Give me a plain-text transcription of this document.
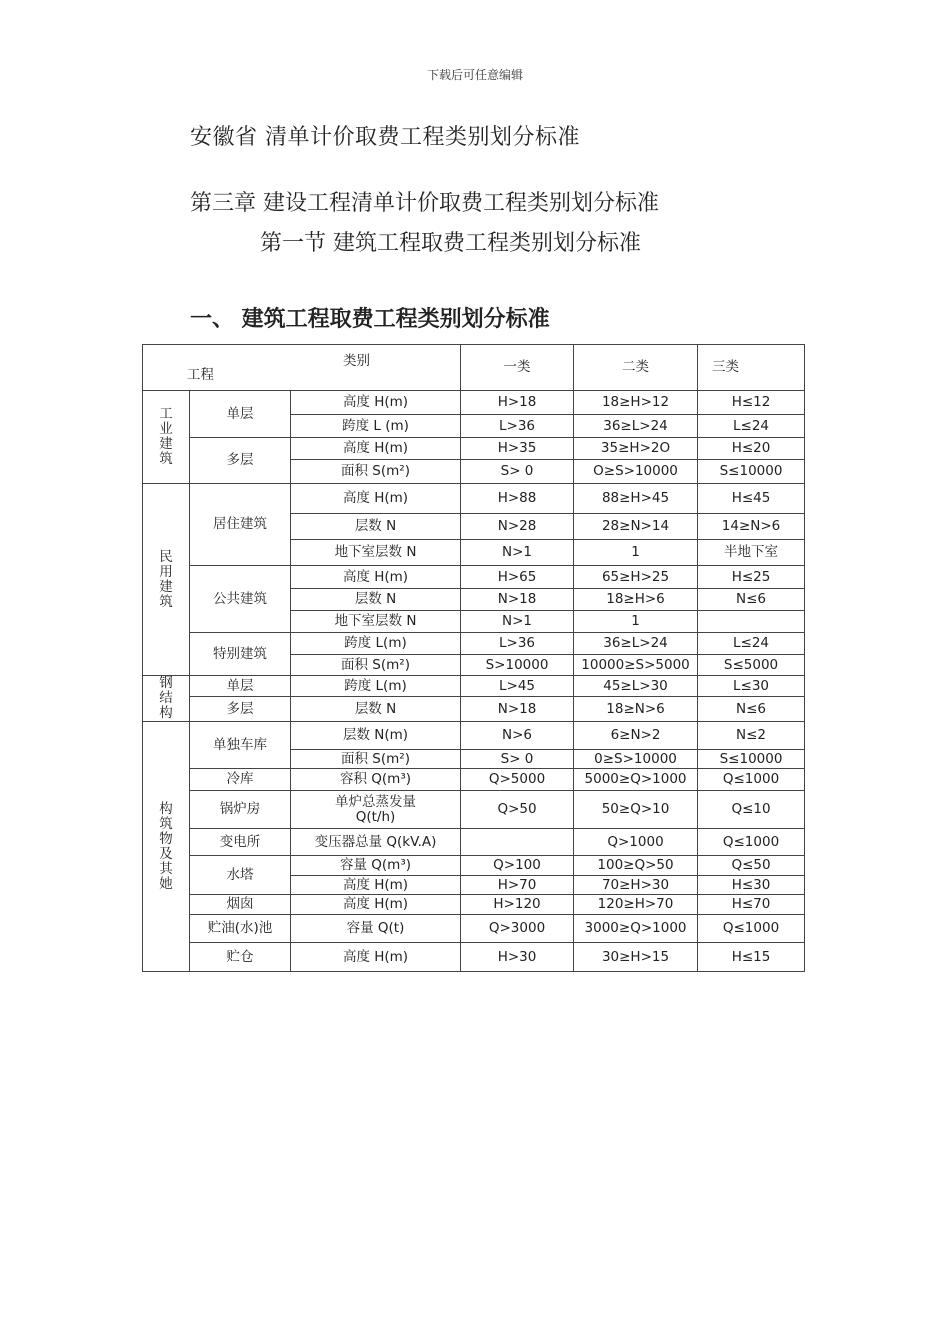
下载后可任意编辑
安徽省 清单计价取费工程类别划分标准
第三章 建设工程清单计价取费工程类别划分标准
第一节 建筑工程取费工程类别划分标准
一、 建筑工程取费工程类别划分标准
类别
工程			一类	二类	三类
工业建筑	单层	高度 H(m)	H>18	18≥H>12	H≤12
		跨度 L (m)	L>36	36≥L>24	L≤24
	多层	高度 H(m)	H>35	35≥H>2O	H≤20
		面积 S(m²)	S> 0	O≥S>10000	S≤10000
民用建筑	居住建筑	高度 H(m)	H>88	88≥H>45	H≤45
		层数 N	N>28	28≥N>14	14≥N>6
		地下室层数 N	N>1	1	半地下室
	公共建筑	高度 H(m)	H>65	65≥H>25	H≤25
		层数 N	N>18	18≥H>6	N≤6
		地下室层数 N	N>1	1	
	特别建筑	跨度 L(m)	L>36	36≥L>24	L≤24
		面积 S(m²)	S>10000	10000≥S>5000	S≤5000
钢结构	单层	跨度 L(m)	L>45	45≥L>30	L≤30
	多层	层数 N	N>18	18≥N>6	N≤6
构筑物及其她	单独车库	层数 N(m)	N>6	6≥N>2	N≤2
		面积 S(m²)	S> 0	0≥S>10000	S≤10000
	冷库	容积 Q(m³)	Q>5000	5000≥Q>1000	Q≤1000
	锅炉房	单炉总蒸发量
Q(t/h)	Q>50	50≥Q>10	Q≤10
	变电所	变压器总量 Q(kV.A)		Q>1000	Q≤1000
	水塔	容量 Q(m³)	Q>100	100≥Q>50	Q≤50
		高度 H(m)	H>70	70≥H>30	H≤30
	烟囱	高度 H(m)	H>120	120≥H>70	H≤70
	贮油(水)池	容量 Q(t)	Q>3000	3000≥Q>1000	Q≤1000
	贮仓	高度 H(m)	H>30	30≥H>15	H≤15
